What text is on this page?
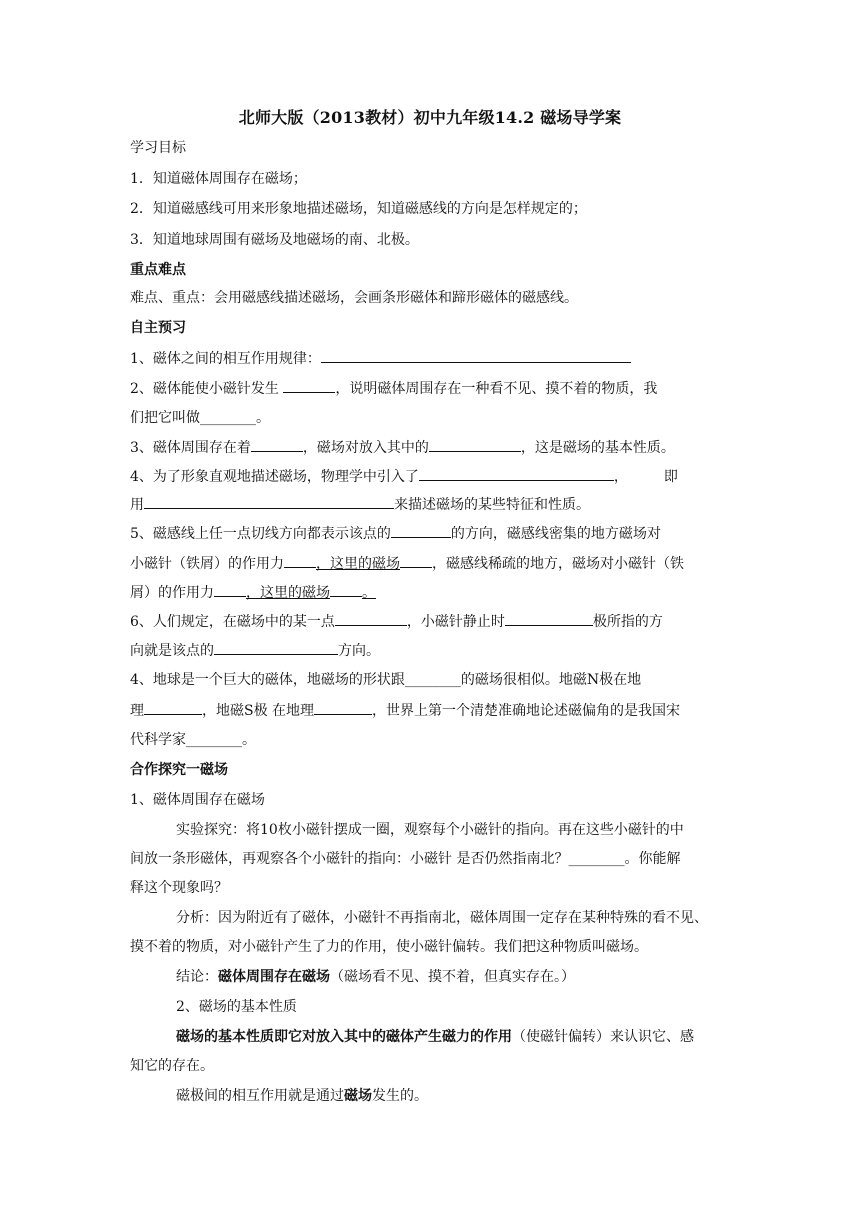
北师大版（2013教材）初中九年级14.2 磁场导学案
学习目标
1．知道磁体周围存在磁场；
2．知道磁感线可用来形象地描述磁场，知道磁感线的方向是怎样规定的；
3．知道地球周围有磁场及地磁场的南、北极。
重点难点
难点、重点：会用磁感线描述磁场，会画条形磁体和蹄形磁体的磁感线。
自主预习
1、磁体之间的相互作用规律：
2、磁体能使小磁针发生	，说明磁体周围存在一种看不见、摸不着的物质，我
们把它叫做________。
3、磁体周围存在着	，磁场对放入其中的	，这是磁场的基本性质。
4、为了形象直观地描述磁场，物理学中引入了	，	即
用	来描述磁场的某些特征和性质。
5、磁感线上任一点切线方向都表示该点的	的方向，磁感线密集的地方磁场对
小磁针（铁屑）的作用力 ，这里的磁场 ，磁感线稀疏的地方，磁场对小磁针（铁
屑）的作用力 ，这里的磁场 。
6、人们规定，在磁场中的某一点	，小磁针静止时	极所指的方
向就是该点的	方向。
4、地球是一个巨大的磁体，地磁场的形状跟________的磁场很相似。地磁N极在地
理	，地磁S极 在地理	，世界上第一个清楚准确地论述磁偏角的是我国宋
代科学家________。
合作探究一磁场
1、磁体周围存在磁场
实验探究：将10枚小磁针摆成一圈，观察每个小磁针的指向。再在这些小磁针的中
间放一条形磁体，再观察各个小磁针的指向：小磁针 是否仍然指南北？________。你能解
释这个现象吗？
分析：因为附近有了磁体，小磁针不再指南北，磁体周围一定存在某种特殊的看不见、
摸不着的物质，对小磁针产生了力的作用，使小磁针偏转。我们把这种物质叫磁场。
结论：磁体周围存在磁场（磁场看不见、摸不着，但真实存在。）
2、磁场的基本性质
磁场的基本性质即它对放入其中的磁体产生磁力的作用（使磁针偏转）来认识它、感
知它的存在。
磁极间的相互作用就是通过磁场发生的。
